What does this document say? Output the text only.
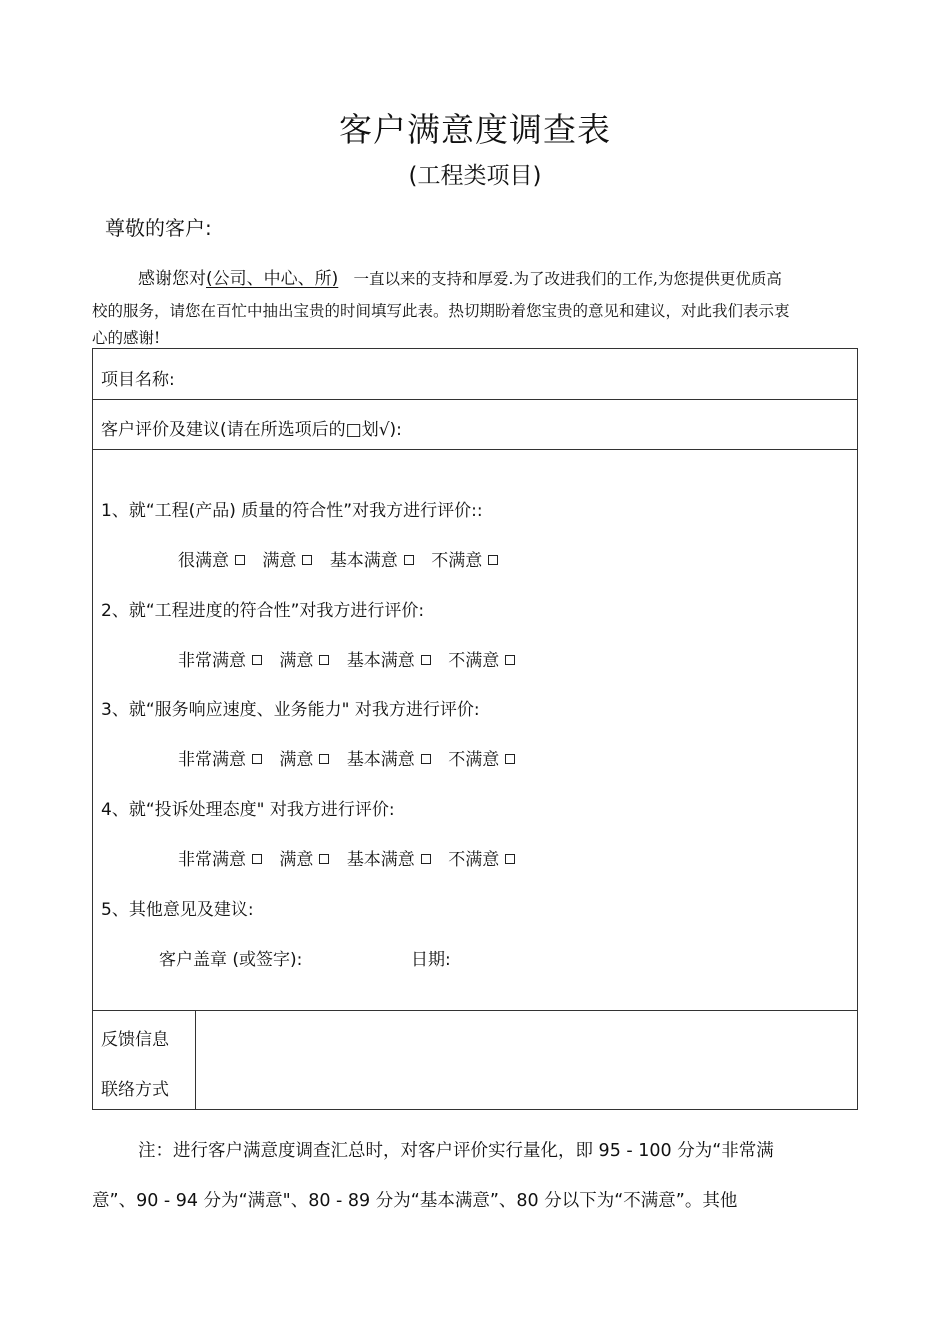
客户满意度调查表
(工程类项目)
尊敬的客户:
感谢您对(公司、中心、所) 一直以来的支持和厚爱.为了改进我们的工作,为您提供更优质高
校的服务，请您在百忙中抽出宝贵的时间填写此表。热切期盼着您宝贵的意见和建议，对此我们表示衷
心的感谢!
项目名称:
客户评价及建议(请在所选项后的□划√):
1、就“工程(产品) 质量的符合性”对我方进行评价::
很满意 满意 基本满意 不满意
2、就“工程进度的符合性”对我方进行评价:
非常满意 满意 基本满意 不满意
3、就“服务响应速度、业务能力" 对我方进行评价:
非常满意 满意 基本满意 不满意
4、就“投诉处理态度" 对我方进行评价:
非常满意 满意 基本满意 不满意
5、其他意见及建议:
客户盖章 (或签字):	日期:
反馈信息
联络方式
注：进行客户满意度调查汇总时，对客户评价实行量化，即 95 - 100 分为“非常满
意”、90 - 94 分为“满意"、80 - 89 分为“基本满意”、80 分以下为“不满意”。其他
